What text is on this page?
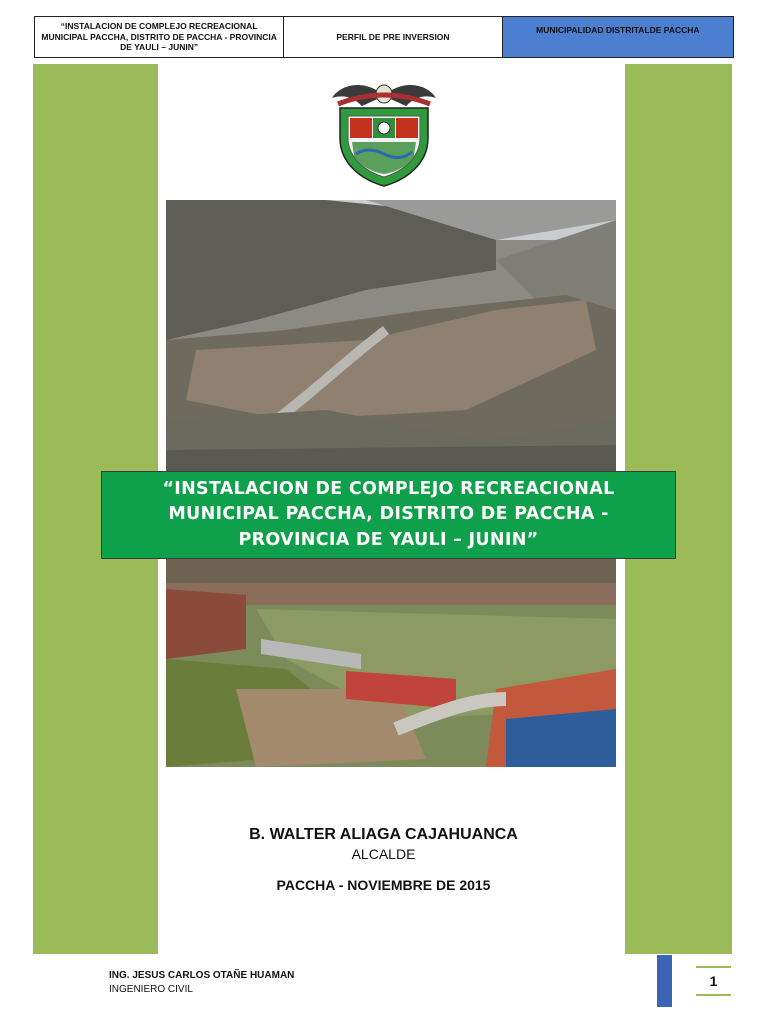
“INSTALACION DE COMPLEJO RECREACIONAL MUNICIPAL PACCHA, DISTRITO DE PACCHA - PROVINCIA DE YAULI – JUNIN”
PERFIL DE PRE INVERSION
MUNICIPALIDAD DISTRITALDE PACCHA
“INSTALACION DE COMPLEJO RECREACIONAL MUNICIPAL PACCHA, DISTRITO DE PACCHA - PROVINCIA DE YAULI – JUNIN”
B. WALTER ALIAGA CAJAHUANCA
ALCALDE
PACCHA - NOVIEMBRE DE 2015
ING. JESUS CARLOS OTAÑE HUAMAN
INGENIERO CIVIL
1
